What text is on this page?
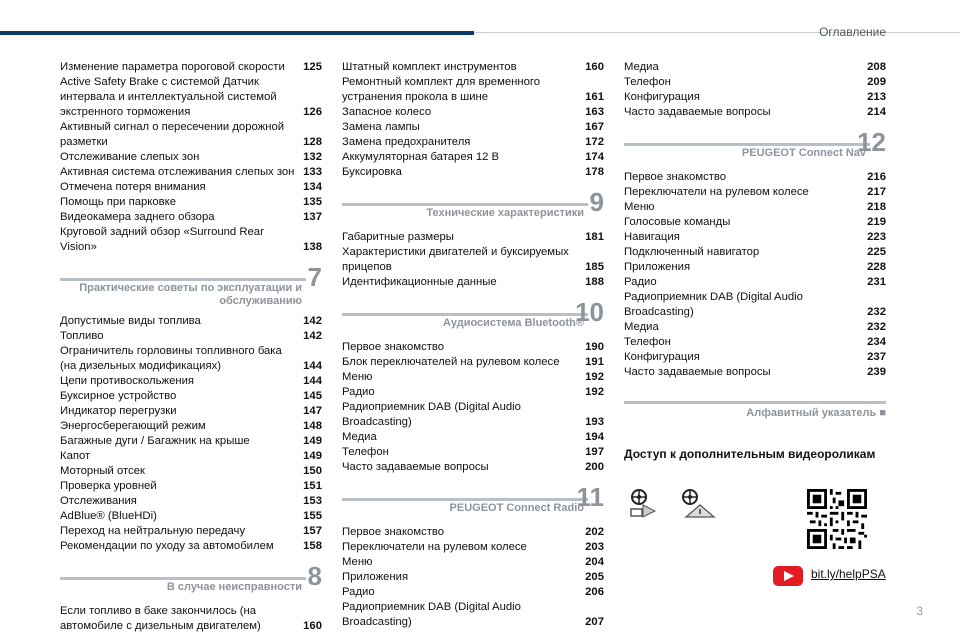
Оглавление
Изменение параметра пороговой скорости	125
Active Safety Brake с системой Датчик интервала и интеллектуальной системой экстренного торможения	126
Активный сигнал о пересечении дорожной разметки	128
Отслеживание слепых зон	132
Активная система отслеживания слепых зон 133
Отмечена потеря внимания	134
Помощь при парковке	135
Видеокамера заднего обзора	137
Круговой задний обзор «Surround Rear Vision»	138
7
Практические советы по эксплуатации и обслуживанию
Допустимые виды топлива	142
Топливо	142
Ограничитель горловины топливного бака (на дизельных модификациях)	144
Цепи противоскольжения	144
Буксирное устройство	145
Индикатор перегрузки	147
Энергосберегающий режим	148
Багажные дуги / Багажник на крыше	149
Капот	149
Моторный отсек	150
Проверка уровней	151
Отслеживания	153
AdBlue® (BlueHDi)	155
Переход на нейтральную передачу	157
Рекомендации по уходу за автомобилем	158
8
В случае неисправности
Если топливо в баке закончилось (на автомобиле с дизельным двигателем)	160
Штатный комплект инструментов	160
Ремонтный комплект для временного устранения прокола в шине	161
Запасное колесо	163
Замена лампы	167
Замена предохранителя	172
Аккумуляторная батарея 12 В	174
Буксировка	178
9
Технические характеристики
Габаритные размеры	181
Характеристики двигателей и буксируемых прицепов	185
Идентификационные данные	188
10
Аудиосистема Bluetooth®
Первое знакомство	190
Блок переключателей на рулевом колесе	191
Меню	192
Радио	192
Радиоприемник DAB (Digital Audio Broadcasting)	193
Медиа	194
Телефон	197
Часто задаваемые вопросы	200
11
PEUGEOT Connect Radio
Первое знакомство	202
Переключатели на рулевом колесе	203
Меню	204
Приложения	205
Радио	206
Радиоприемник DAB (Digital Audio Broadcasting)	207
Медиа	208
Телефон	209
Конфигурация	213
Часто задаваемые вопросы	214
12
PEUGEOT Connect Nav
Первое знакомство	216
Переключатели на рулевом колесе	217
Меню	218
Голосовые команды	219
Навигация	223
Подключенный навигатор	225
Приложения	228
Радио	231
Радиоприемник DAB (Digital Audio Broadcasting)	232
Медиа	232
Телефон	234
Конфигурация	237
Часто задаваемые вопросы	239
Алфавитный указатель ■
Доступ к дополнительным видеороликам
bit.ly/helpPSA
3
